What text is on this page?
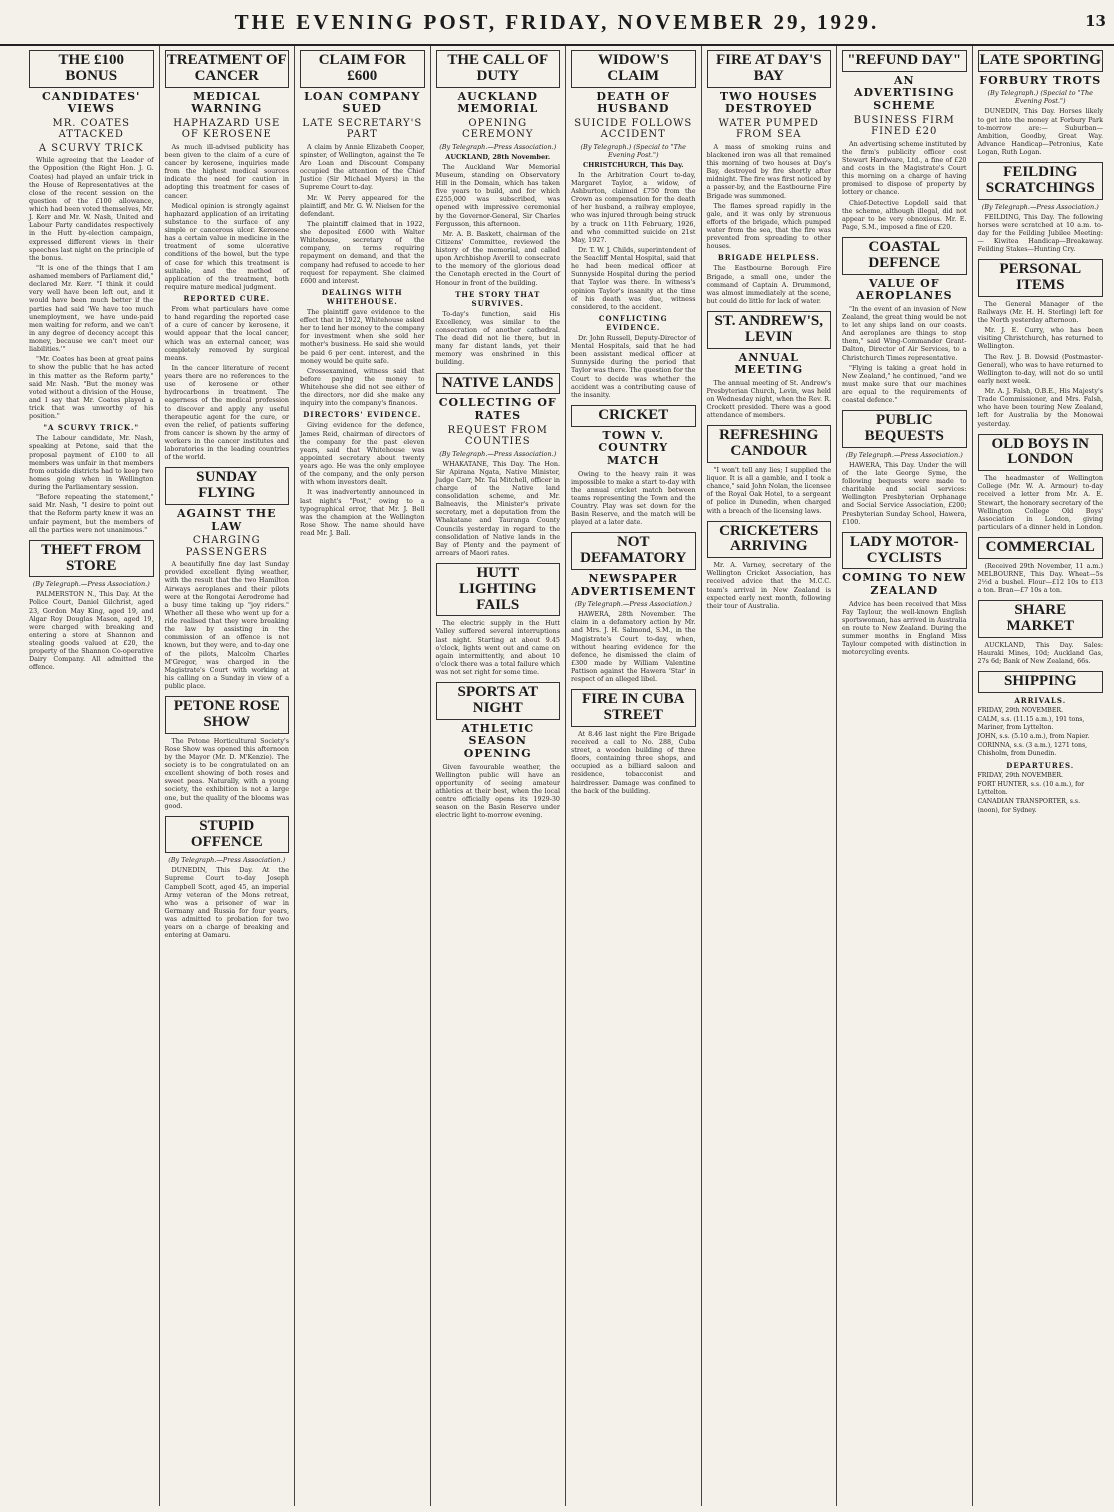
THE EVENING POST, FRIDAY, NOVEMBER 29, 1929.	13
THE £100 BONUS
CANDIDATES' VIEWS
MR. COATES ATTACKED
A SCURVY TRICK

While agreeing that the Leader of the Opposition (the Right Hon. J. G. Coates) had played an unfair trick in the House of Representatives at the close of the recent session on the question of the £100 allowance, which had been voted themselves, Mr. J. Kerr and Mr. W. Nash, United and Labour Party candidates respectively in the Hutt by-election campaign, expressed different views in their speeches last night on the principle of the bonus.

"It is one of the things that I am ashamed members of Parliament did," declared Mr. Kerr. "I think it could very well have been left out, and it would have been much better if the parties had said 'We have too much unemployment, we have unde-paid men waiting for reform, and we can't in any degree of decency accept this money, because we can't meet our liabilities.'"

"Mr. Coates has been at great pains to show the public that he has acted in this matter as the Reform party," said Mr. Nash. "But the money was voted without a division of the House, and I say that Mr. Coates played a trick that was unworthy of his position."

"A SCURVY TRICK."

The Labour candidate, Mr. Nash, speaking at Petone, said that the proposal payment of £100 to all members was unfair in that members from outside districts had to keep two homes going when in Wellington during the Parliamentary session.

"Before repeating the statement," said Mr. Nash, "I desire to point out that the Reform party knew it was an unfair payment, but the members of all the parties were not unanimous."

THEFT FROM STORE
(By Telegraph.—Press Association.)

PALMERSTON N., This Day. At the Police Court, Daniel Gilchrist, aged 23, Gordon May King, aged 19, and Algar Roy Douglas Mason, aged 19, were charged with breaking and entering a store at Shannon and stealing goods valued at £20, the property of the Shannon Co-operative Dairy Company. All admitted the offence.

TREATMENT OF CANCER
MEDICAL WARNING
HAPHAZARD USE OF KEROSENE

As much ill-advised publicity has been given to the claim of a cure of cancer by kerosene, inquiries made from the highest medical sources indicate the need for caution in adopting this treatment for cases of cancer.

Medical opinion is strongly against haphazard application of an irritating substance to the surface of any simple or cancerous ulcer. Kerosene has a certain value in medicine in the treatment of some ulcerative conditions of the bowel, but the type of case for which this treatment is suitable, and the method of application of the treatment, both require mature medical judgment.

REPORTED CURE.

From what particulars have come to hand regarding the reported case of a cure of cancer by kerosene, it would appear that the local cancer, which was an external cancer, was completely removed by surgical means.

In the cancer literature of recent years there are no references to the use of kerosene or other hydrocarbons in treatment. The eagerness of the medical profession to discover and apply any useful therapeutic agent for the cure, or even the relief, of patients suffering from cancer is shown by the army of workers in the cancer institutes and laboratories in the leading countries of the world.

SUNDAY FLYING
AGAINST THE LAW
CHARGING PASSENGERS

A beautifully fine day last Sunday provided excellent flying weather, with the result that the two Hamilton Airways aeroplanes and their pilots were at the Rongotai Aerodrome had a busy time taking up "joy riders." Whether all these who went up for a ride realised that they were breaking the law by assisting in the commission of an offence is not known, but they were, and to-day one of the pilots, Malcolm Charles M'Gregor, was charged in the Magistrate's Court with working at his calling on a Sunday in view of a public place.

PETONE ROSE SHOW

The Petone Horticultural Society's Rose Show was opened this afternoon by the Mayor (Mr. D. M'Kenzie). The society is to be congratulated on an excellent showing of both roses and sweet peas. Naturally, with a young society, the exhibition is not a large one, but the quality of the blooms was good.

STUPID OFFENCE
(By Telegraph.—Press Association.)

DUNEDIN, This Day. At the Supreme Court to-day Joseph Campbell Scott, aged 45, an imperial Army veteran of the Mons retreat, who was a prisoner of war in Germany and Russia for four years, was admitted to probation for two years on a charge of breaking and entering at Oamaru.

CLAIM FOR £600
LOAN COMPANY SUED
LATE SECRETARY'S PART

A claim by Annie Elizabeth Cooper, spinster, of Wellington, against the Te Aro Loan and Discount Company occupied the attention of the Chief Justice (Sir Michael Myers) in the Supreme Court to-day.

Mr. W. Perry appeared for the plaintiff, and Mr. G. W. Nielsen for the defendant.

The plaintiff claimed that in 1922, she deposited £600 with Walter Whitehouse, secretary of the company, on terms requiring repayment on demand, and that the company had refused to accede to her request for repayment. She claimed £600 and interest.

DEALINGS WITH WHITEHOUSE.

The plaintiff gave evidence to the effect that in 1922, Whitehouse asked her to lend her money to the company for investment when she sold her mother's business. He said she would be paid 6 per cent. interest, and the money would be quite safe.

Crossexamined, witness said that before paying the money to Whitehouse she did not see either of the directors, nor did she make any inquiry into the company's finances.

DIRECTORS' EVIDENCE.

Giving evidence for the defence, James Reid, chairman of directors of the company for the past eleven years, said that Whitehouse was appointed secretary about twenty years ago. He was the only employee of the company, and the only person with whom investors dealt.

It was inadvertently announced in last night's "Post," owing to a typographical error, that Mr. J. Bell was the champion at the Wellington Rose Show. The name should have read Mr. J. Ball.

THE CALL OF DUTY
AUCKLAND MEMORIAL
OPENING CEREMONY
(By Telegraph.—Press Association.)
AUCKLAND, 28th November.

The Auckland War Memorial Museum, standing on Observatory Hill in the Domain, which has taken five years to build, and for which £255,000 was subscribed, was opened with impressive ceremonial by the Governor-General, Sir Charles Fergusson, this afternoon.

Mr. A. B. Baskett, chairman of the Citizens' Committee, reviewed the history of the memorial, and called upon Archbishop Averill to consecrate to the memory of the glorious dead the Cenotaph erected in the Court of Honour in front of the building.

THE STORY THAT SURVIVES.

To-day's function, said His Excellency, was similar to the consecration of another cathedral. The dead did not lie there, but in many far distant lands, yet their memory was enshrined in this building.

NATIVE LANDS
COLLECTING OF RATES
REQUEST FROM COUNTIES
(By Telegraph.—Press Association.)

WHAKATANE, This Day. The Hon. Sir Apirana Ngata, Native Minister, Judge Carr, Mr. Tai Mitchell, officer in charge of the Native land consolidation scheme, and Mr. Balneavis, the Minister's private secretary, met a deputation from the Whakatane and Tauranga County Councils yesterday in regard to the consolidation of Native lands in the Bay of Plenty and the payment of arrears of Maori rates.

HUTT LIGHTING FAILS

The electric supply in the Hutt Valley suffered several interruptions last night. Starting at about 9.45 o'clock, lights went out and came on again intermittently, and about 10 o'clock there was a total failure which was not set right for some time.

SPORTS AT NIGHT
ATHLETIC SEASON OPENING

Given favourable weather, the Wellington public will have an opportunity of seeing amateur athletics at their best, when the local centre officially opens its 1929-30 season on the Basin Reserve under electric light to-morrow evening.

WIDOW'S CLAIM
DEATH OF HUSBAND
SUICIDE FOLLOWS ACCIDENT
(By Telegraph.) (Special to "The Evening Post.")
CHRISTCHURCH, This Day.

In the Arbitration Court to-day, Margaret Taylor, a widow, of Ashburton, claimed £750 from the Crown as compensation for the death of her husband, a railway employee, who was injured through being struck by a truck on 11th February, 1926, and who committed suicide on 21st May, 1927.

Dr. T. W. J. Childs, superintendent of the Seacliff Mental Hospital, said that he had been medical officer at Sunnyside Hospital during the period that Taylor was there. In witness's opinion Taylor's insanity at the time of his death was due, witness considered, to the accident.

CONFLICTING EVIDENCE.

Dr. John Russell, Deputy-Director of Mental Hospitals, said that he had been assistant medical officer at Sunnyside during the period that Taylor was there. The question for the Court to decide was whether the accident was a contributing cause of the insanity.

CRICKET
TOWN V. COUNTRY MATCH

Owing to the heavy rain it was impossible to make a start to-day with the annual cricket match between teams representing the Town and the Country. Play was set down for the Basin Reserve, and the match will be played at a later date.

NOT DEFAMATORY
NEWSPAPER ADVERTISEMENT
(By Telegraph.—Press Association.)

HAWERA, 28th November. The claim in a defamatory action by Mr. and Mrs. J. H. Salmond, S.M., in the Magistrate's Court to-day, when, without hearing evidence for the defence, he dismissed the claim of £300 made by William Valentine Pattison against the Hawera 'Star' in respect of an alleged libel.

FIRE IN CUBA STREET

At 8.46 last night the Fire Brigade received a call to No. 288, Cuba street, a wooden building of three floors, containing three shops, and occupied as a billiard saloon and residence, tobacconist and hairdresser. Damage was confined to the back of the building.

FIRE AT DAY'S BAY
TWO HOUSES DESTROYED
WATER PUMPED FROM SEA

A mass of smoking ruins and blackened iron was all that remained this morning of two houses at Day's Bay, destroyed by fire shortly after midnight. The fire was first noticed by a passer-by, and the Eastbourne Fire Brigade was summoned.

The flames spread rapidly in the gale, and it was only by strenuous efforts of the brigade, which pumped water from the sea, that the fire was prevented from spreading to other houses.

BRIGADE HELPLESS.

The Eastbourne Borough Fire Brigade, a small one, under the command of Captain A. Drummond, was almost immediately at the scene, but could do little for lack of water.

ST. ANDREW'S, LEVIN
ANNUAL MEETING

The annual meeting of St. Andrew's Presbyterian Church, Levin, was held on Wednesday night, when the Rev. R. Crockett presided. There was a good attendance of members.

REFRESHING CANDOUR

"I won't tell any lies; I supplied the liquor. It is all a gamble, and I took a chance," said John Nolan, the licensee of the Royal Oak Hotel, to a sergeant of police in Dunedin, when charged with a breach of the licensing laws.

CRICKETERS ARRIVING

Mr. A. Varney, secretary of the Wellington Cricket Association, has received advice that the M.C.C. team's arrival in New Zealand is expected early next month, following their tour of Australia.

"REFUND DAY"
AN ADVERTISING SCHEME
BUSINESS FIRM FINED £20

An advertising scheme instituted by the firm's publicity officer cost Stewart Hardware, Ltd., a fine of £20 and costs in the Magistrate's Court this morning on a charge of having promised to dispose of property by lottery or chance.

Chief-Detective Lopdell said that the scheme, although illegal, did not appear to be very obnoxious. Mr. E. Page, S.M., imposed a fine of £20.

COASTAL DEFENCE
VALUE OF AEROPLANES

"In the event of an invasion of New Zealand, the great thing would be not to let any ships land on our coasts. And aeroplanes are things to stop them," said Wing-Commander Grant-Dalton, Director of Air Services, to a Christchurch Times representative.

"Flying is taking a great hold in New Zealand," he continued, "and we must make sure that our machines are equal to the requirements of coastal defence."

PUBLIC BEQUESTS
(By Telegraph.—Press Association.)

HAWERA, This Day. Under the will of the late George Syme, the following bequests were made to charitable and social services: Wellington Presbyterian Orphanage and Social Service Association, £200; Presbyterian Sunday School, Hawera, £100.

LADY MOTOR-CYCLISTS
COMING TO NEW ZEALAND

Advice has been received that Miss Fay Taylour, the well-known English sportswoman, has arrived in Australia en route to New Zealand. During the summer months in England Miss Taylour competed with distinction in motorcycling events.

LATE SPORTING
FORBURY TROTS
(By Telegraph.) (Special to "The Evening Post.")

DUNEDIN, This Day. Horses likely to get into the money at Forbury Park to-morrow are:— Suburban—Ambition, Goodby, Great Way. Advance Handicap—Petronius, Kate Logan, Ruth Logan.

FEILDING SCRATCHINGS
(By Telegraph.—Press Association.)

FEILDING, This Day. The following horses were scratched at 10 a.m. to-day for the Feilding Jubilee Meeting:— Kiwitea Handicap—Breakaway. Feilding Stakes—Hunting Cry.

PERSONAL ITEMS

The General Manager of the Railways (Mr. H. H. Sterling) left for the North yesterday afternoon.

Mr. J. E. Curry, who has been visiting Christchurch, has returned to Wellington.

The Rev. J. B. Dowsid (Postmaster-General), who was to have returned to Wellington to-day, will not do so until early next week.

Mr. A. J. Falsh, O.B.E., His Majesty's Trade Commissioner, and Mrs. Falsh, who have been touring New Zealand, left for Australia by the Monowai yesterday.

OLD BOYS IN LONDON

The headmaster of Wellington College (Mr. W. A. Armour) to-day received a letter from Mr. A. E. Stewart, the honorary secretary of the Wellington College Old Boys' Association in London, giving particulars of a dinner held in London.

COMMERCIAL

(Received 29th November, 11 a.m.) MELBOURNE, This Day. Wheat—5s 2½d a bushel. Flour—£12 10s to £13 a ton. Bran—£7 10s a ton.

SHARE MARKET

AUCKLAND, This Day. Sales: Hauraki Mines, 10d; Auckland Gas, 27s 6d; Bank of New Zealand, 66s.

SHIPPING
ARRIVALS.
FRIDAY, 29th NOVEMBER.
CALM, s.s. (11.15 a.m.), 191 tons, Mariner, from Lyttelton.
JOHN, s.s. (5.10 a.m.), from Napier.
CORINNA, s.s. (3 a.m.), 1271 tons, Chisholm, from Dunedin.
DEPARTURES.
FRIDAY, 29th NOVEMBER.
FORT HUNTER, s.s. (10 a.m.), for Lyttelton.
CANADIAN TRANSPORTER, s.s. (noon), for Sydney.
